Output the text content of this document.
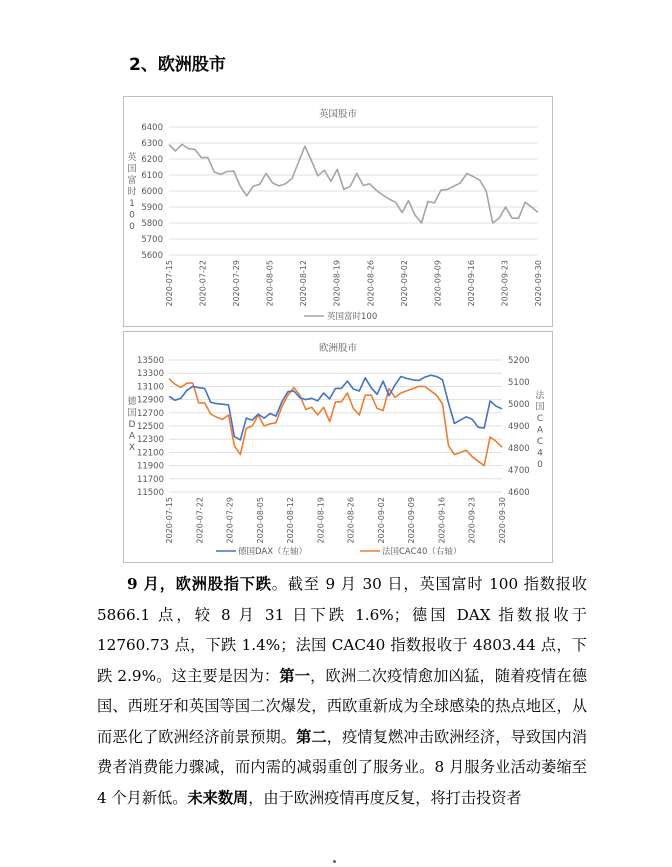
2、欧洲股市
英国股市
5600
5700
5800
5900
6000
6100
6200
6300
6400
英
国
富
时
1
0
0
2020-07-15	2020-07-22	2020-07-29	2020-08-05	2020-08-12	2020-08-19	2020-08-26	2020-09-02	2020-09-09	2020-09-16	2020-09-23	2020-09-30
英国富时100
欧洲股市
11500
11700
11900
12100
12300
12500
12700
12900
13100
13300
13500
4600
4700
4800
4900
5000
5100
5200
德
国
D
A
X
法
国
C
A
C
4
0
2020-07-15	2020-07-22	2020-07-29	2020-08-05	2020-08-12	2020-08-19	2020-08-26	2020-09-02	2020-09-09	2020-09-16	2020-09-23	2020-09-30
德国DAX（左轴）	法国CAC40（右轴）

9 月，欧洲股指下跌。截至 9 月 30 日，英国富时 100 指数报收 5866.1 点，较 8 月 31 日下跌 1.6%；德国 DAX 指数报收于 12760.73 点，下跌 1.4%；法国 CAC40 指数报收于 4803.44 点，下跌 2.9%。这主要是因为：第一，欧洲二次疫情愈加凶猛，随着疫情在德国、西班牙和英国等国二次爆发，西欧重新成为全球感染的热点地区，从而恶化了欧洲经济前景预期。第二，疫情复燃冲击欧洲经济，导致国内消费者消费能力骤减，而内需的减弱重创了服务业。8 月服务业活动萎缩至 4 个月新低。未来数周，由于欧洲疫情再度反复，将打击投资者
